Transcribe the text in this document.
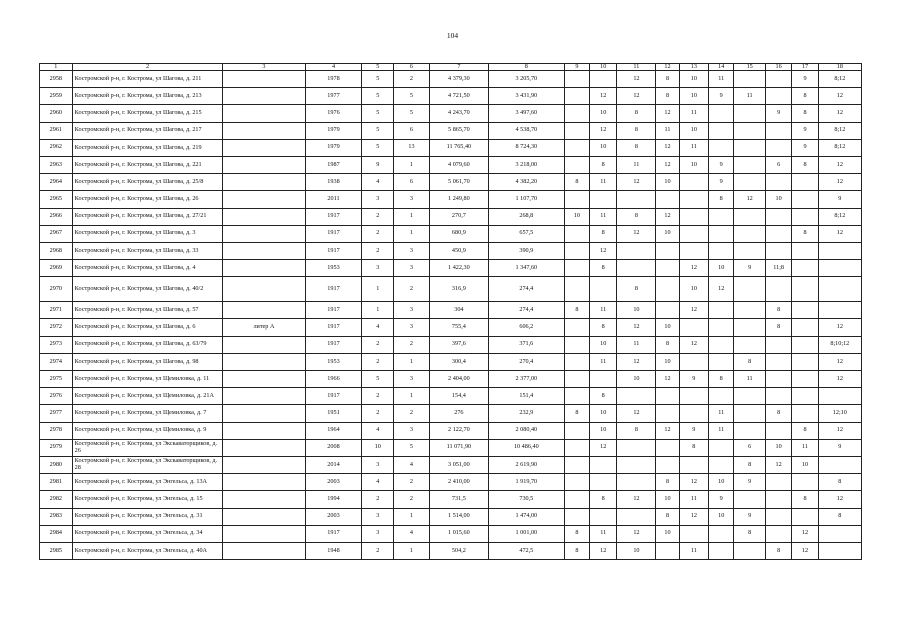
104
1	2	3	4	5	6	7	8	9	10	11	12	13	14	15	16	17	18
2958	Костромской р-н, г. Кострома, ул Шагова, д. 211		1978	5	2	4 379,30	3 205,70			12	8	10	11			9	8;12
2959	Костромской р-н, г. Кострома, ул Шагова, д. 213		1977	5	5	4 721,50	3 431,90		12	12	8	10	9	11		8	12
2960	Костромской р-н, г. Кострома, ул Шагова, д. 215		1976	5	5	4 243,70	3 497,60		10	8	12	11			9	8	12
2961	Костромской р-н, г. Кострома, ул Шагова, д. 217		1979	5	6	5 865,70	4 538,70		12	8	11	10				9	8;12
2962	Костромской р-н, г. Кострома, ул Шагова, д. 219		1979	5	13	11 765,40	8 724,30		10	8	12	11				9	8;12
2963	Костромской р-н, г. Кострома, ул Шагова, д. 221		1987	9	1	4 079,60	3 218,00		8	11	12	10	9		6	8	12
2964	Костромской р-н, г. Кострома, ул Шагова, д. 25/8		1938	4	6	5 061,70	4 382,20	8	11	12	10		9				12
2965	Костромской р-н, г. Кострома, ул Шагова, д. 26		2011	3	3	1 249,80	1 107,70						8	12	10		9
2966	Костромской р-н, г. Кострома, ул Шагова, д. 27/21		1917	2	1	270,7	268,8	10	11	8	12						8;12
2967	Костромской р-н, г. Кострома, ул Шагова, д. 3		1917	2	1	680,9	657,5		8	12	10					8	12
2968	Костромской р-н, г. Кострома, ул Шагова, д. 33		1917	2	3	450,9	390,9		12								
2969	Костромской р-н, г. Кострома, ул Шагова, д. 4		1953	3	3	1 422,30	1 347,60		8			12	10	9	11;8		
2970	Костромской р-н, г. Кострома, ул Шагова, д. 40/2		1917	1	2	316,9	274,4			8		10	12				
2971	Костромской р-н, г. Кострома, ул Шагова, д. 57		1917	1	3	304	274,4	8	11	10		12			8		
2972	Костромской р-н, г. Кострома, ул Шагова, д. 6	литер А	1917	4	3	755,4	606,2		8	12	10				8		12
2973	Костромской р-н, г. Кострома, ул Шагова, д. 63/79		1917	2	2	397,6	371,6		10	11	8	12					8;10;12
2974	Костромской р-н, г. Кострома, ул Шагова, д. 98		1953	2	1	300,4	270,4		11	12	10			8			12
2975	Костромской р-н, г. Кострома, ул Щемиловка, д. 11		1966	5	3	2 404,00	2 377,00			10	12	9	8	11			12
2976	Костромской р-н, г. Кострома, ул Щемиловка, д. 21А		1917	2	1	154,4	151,4		8								
2977	Костромской р-н, г. Кострома, ул Щемиловка, д. 7		1951	2	2	276	232,9	8	10	12			11		8		12;10
2978	Костромской р-н, г. Кострома, ул Щемиловка, д. 9		1964	4	3	2 122,70	2 080,40		10	8	12	9	11			8	12
2979	Костромской р-н, г. Кострома, ул Экскаваторщиков, д. 26		2008	10	5	11 071,90	10 486,40		12			8		6	10	11	9
2980	Костромской р-н, г. Кострома, ул Экскаваторщиков, д. 28		2014	3	4	3 051,00	2 619,90							8	12	10	
2981	Костромской р-н, г. Кострома, ул Энгельса, д. 13А		2003	4	2	2 410,00	1 919,70				8	12	10	9			8
2982	Костромской р-н, г. Кострома, ул Энгельса, д. 15		1994	2	2	731,5	730,5		8	12	10	11	9			8	12
2983	Костромской р-н, г. Кострома, ул Энгельса, д. 31		2003	3	1	1 514,00	1 474,00				8	12	10	9			8
2984	Костромской р-н, г. Кострома, ул Энгельса, д. 34		1917	3	4	1 015,60	1 001,00	8	11	12	10			8		12	
2985	Костромской р-н, г. Кострома, ул Энгельса, д. 40А		1948	2	1	504,2	472,5	8	12	10		11			8	12	
